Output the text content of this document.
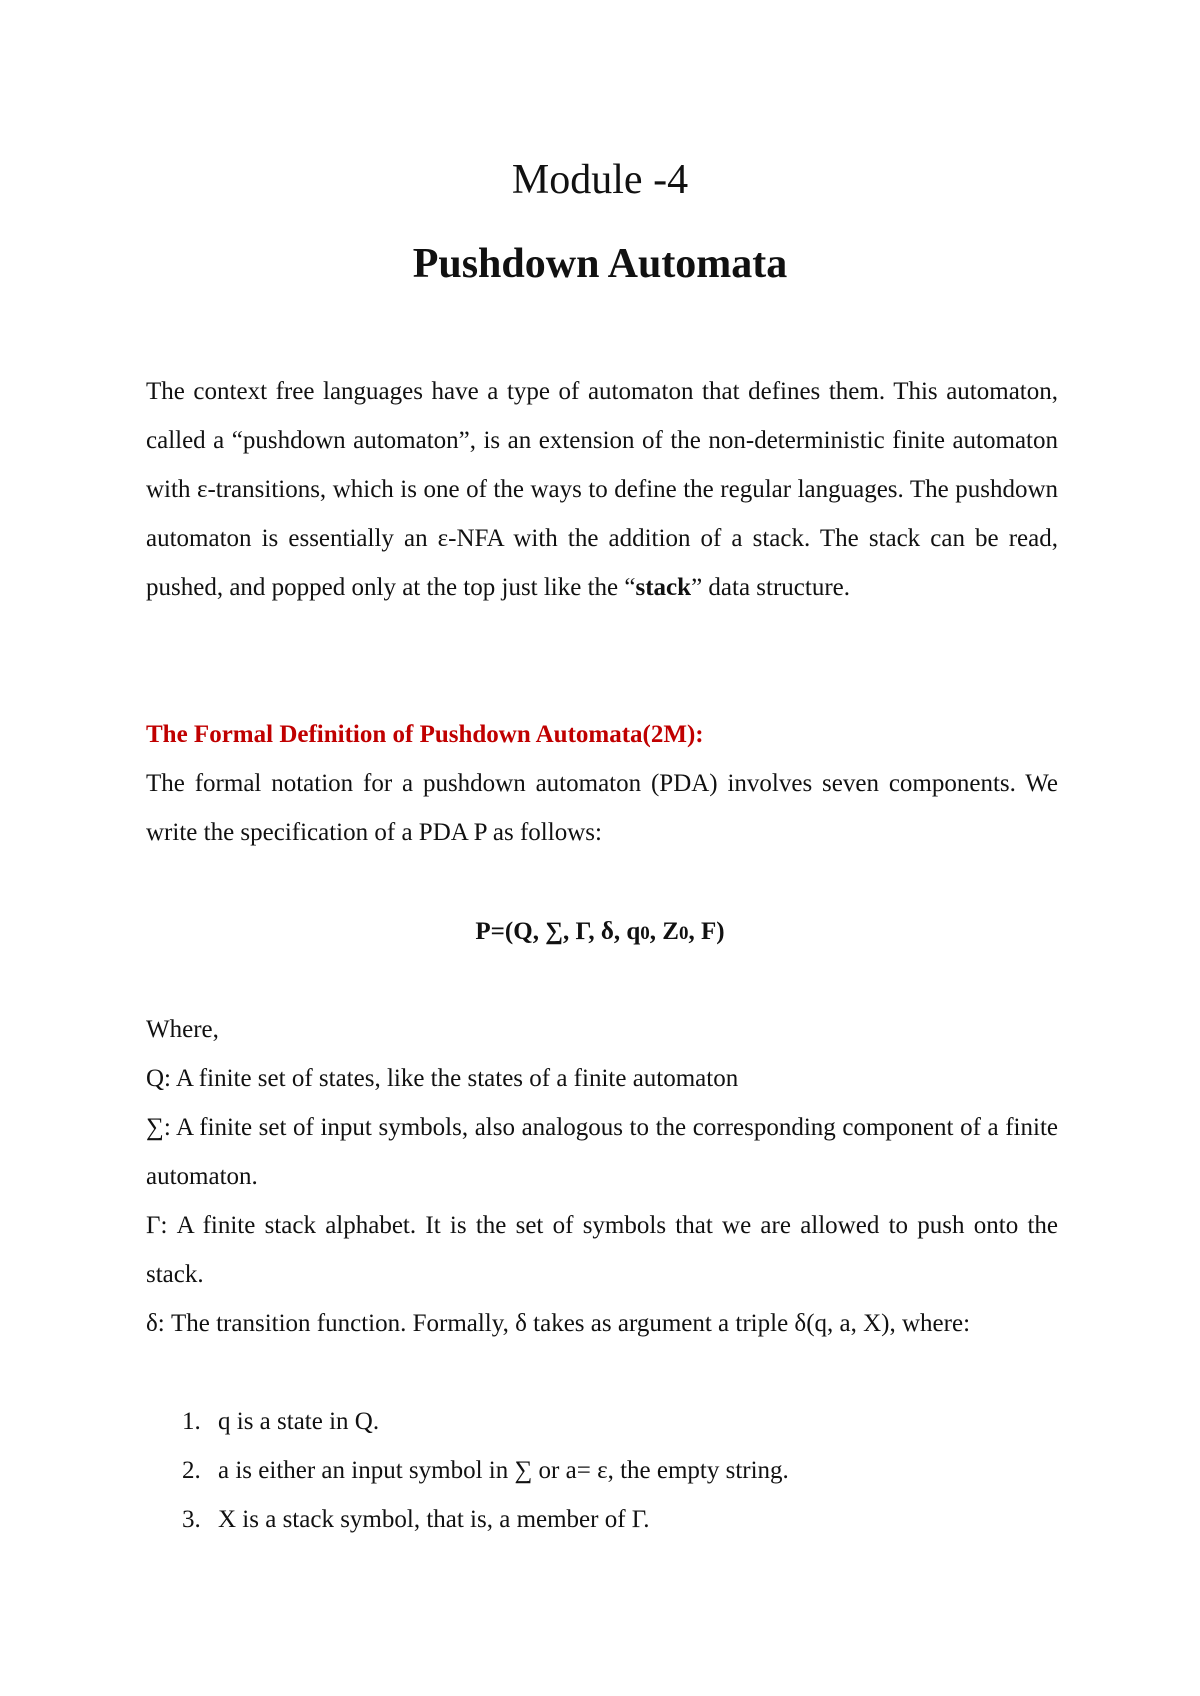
Module -4
Pushdown Automata

The context free languages have a type of automaton that defines them. This automaton, called a “pushdown automaton”, is an extension of the non-deterministic finite automaton with ε-transitions, which is one of the ways to define the regular languages. The pushdown automaton is essentially an ε-NFA with the addition of a stack. The stack can be read, pushed, and popped only at the top just like the “stack” data structure.

The Formal Definition of Pushdown Automata(2M):

The formal notation for a pushdown automaton (PDA) involves seven components. We write the specification of a PDA P as follows:

P=(Q, ∑, Γ, δ, q0, Z0, F)

Where,

Q: A finite set of states, like the states of a finite automaton

∑: A finite set of input symbols, also analogous to the corresponding component of a finite automaton.

Γ: A finite stack alphabet. It is the set of symbols that we are allowed to push onto the stack.

δ: The transition function. Formally, δ takes as argument a triple δ(q, a, X), where:

1. q is a state in Q.
2. a is either an input symbol in ∑ or a= ε, the empty string.
3. X is a stack symbol, that is, a member of Γ.
